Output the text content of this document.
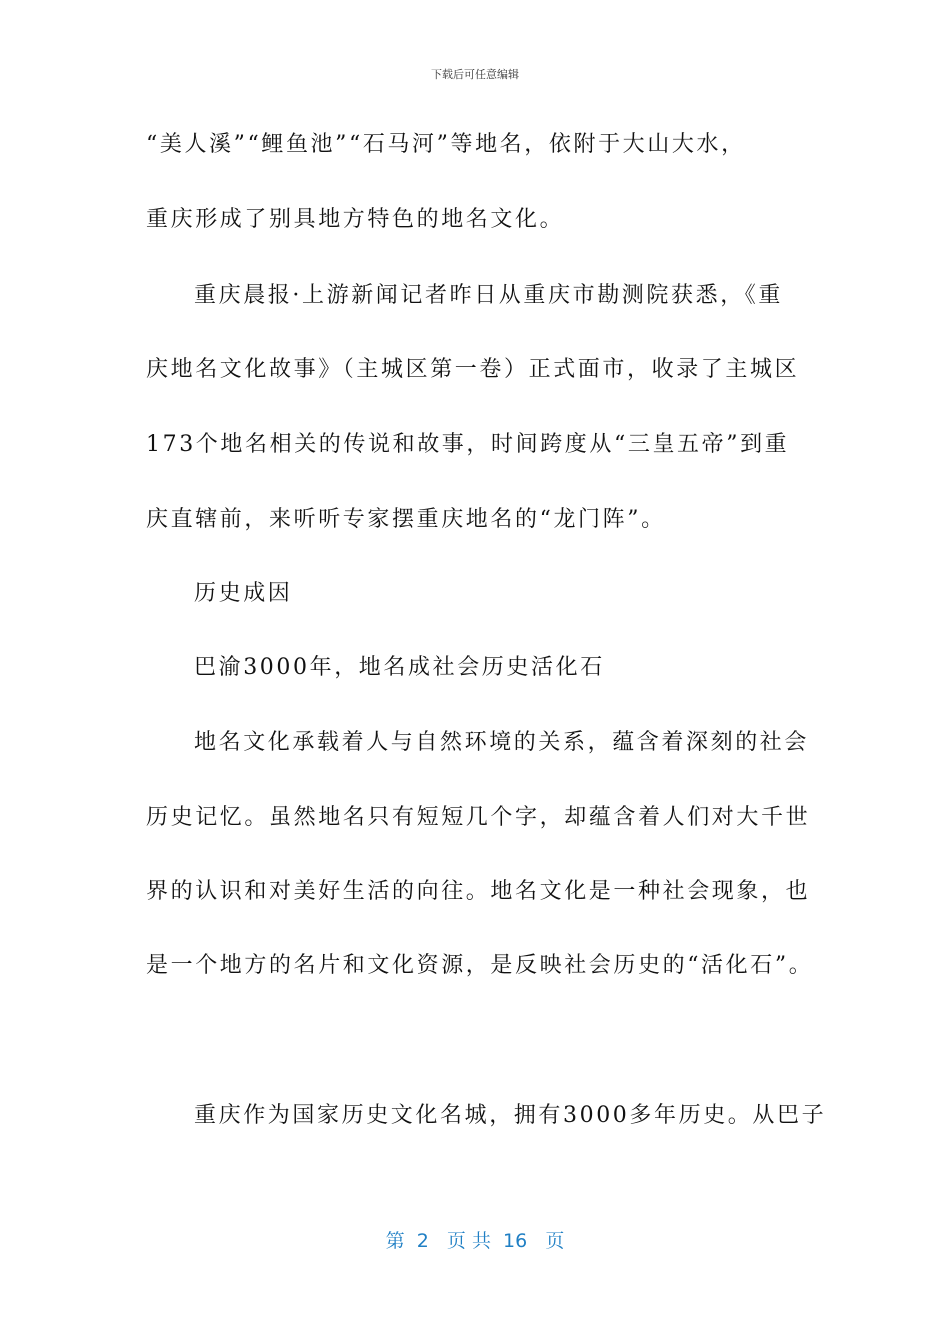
下载后可任意编辑
“美人溪”“鲤鱼池”“石马河”等地名，依附于大山大水，
重庆形成了别具地方特色的地名文化。
重庆晨报·上游新闻记者昨日从重庆市勘测院获悉，《重
庆地名文化故事》（主城区第一卷）正式面市，收录了主城区
173个地名相关的传说和故事，时间跨度从“三皇五帝”到重
庆直辖前，来听听专家摆重庆地名的“龙门阵”。
历史成因
巴渝3000年，地名成社会历史活化石
地名文化承载着人与自然环境的关系，蕴含着深刻的社会
历史记忆。虽然地名只有短短几个字，却蕴含着人们对大千世
界的认识和对美好生活的向往。地名文化是一种社会现象，也
是一个地方的名片和文化资源，是反映社会历史的“活化石”。
重庆作为国家历史文化名城，拥有3000多年历史。从巴子
第  2   页 共  16   页
